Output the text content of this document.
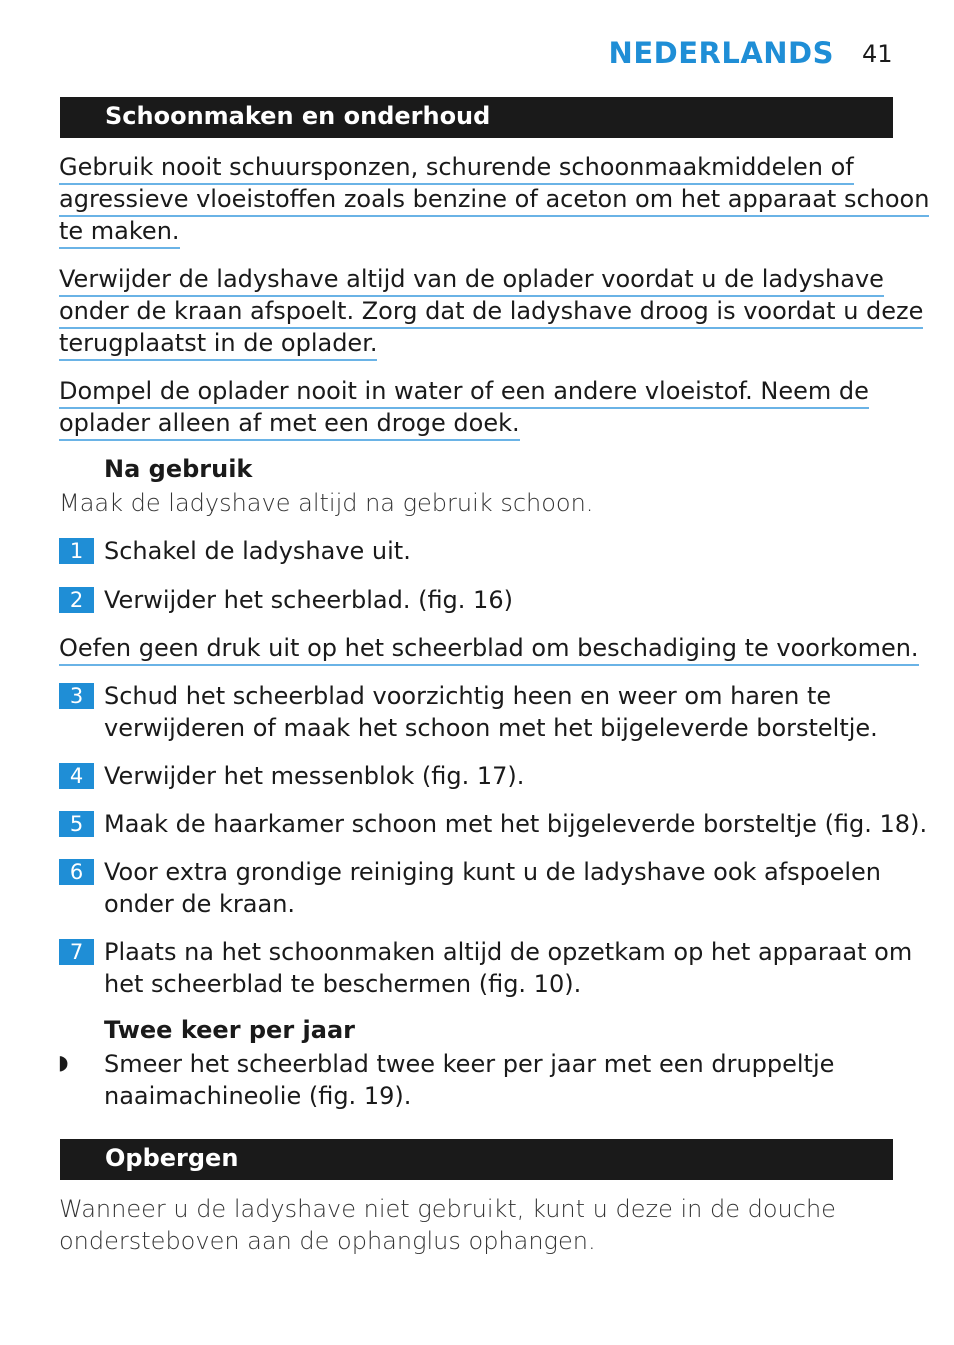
NEDERLANDS 41
Schoonmaken en onderhoud
Gebruik nooit schuursponzen, schurende schoonmaakmiddelen of
agressieve vloeistoffen zoals benzine of aceton om het apparaat schoon
te maken.
Verwijder de ladyshave altijd van de oplader voordat u de ladyshave
onder de kraan afspoelt. Zorg dat de ladyshave droog is voordat u deze
terugplaatst in de oplader.
Dompel de oplader nooit in water of een andere vloeistof. Neem de
oplader alleen af met een droge doek.
Na gebruik
Maak de ladyshave altijd na gebruik schoon.
1 Schakel de ladyshave uit.
2 Verwijder het scheerblad. (fig. 16)
Oefen geen druk uit op het scheerblad om beschadiging te voorkomen.
3 Schud het scheerblad voorzichtig heen en weer om haren te
verwijderen of maak het schoon met het bijgeleverde borsteltje.
4 Verwijder het messenblok (fig. 17).
5 Maak de haarkamer schoon met het bijgeleverde borsteltje (fig. 18).
6 Voor extra grondige reiniging kunt u de ladyshave ook afspoelen
onder de kraan.
7 Plaats na het schoonmaken altijd de opzetkam op het apparaat om
het scheerblad te beschermen (fig. 10).
Twee keer per jaar
◗ Smeer het scheerblad twee keer per jaar met een druppeltje
naaimachineolie (fig. 19).
Opbergen
Wanneer u de ladyshave niet gebruikt, kunt u deze in de douche
ondersteboven aan de ophanglus ophangen.
